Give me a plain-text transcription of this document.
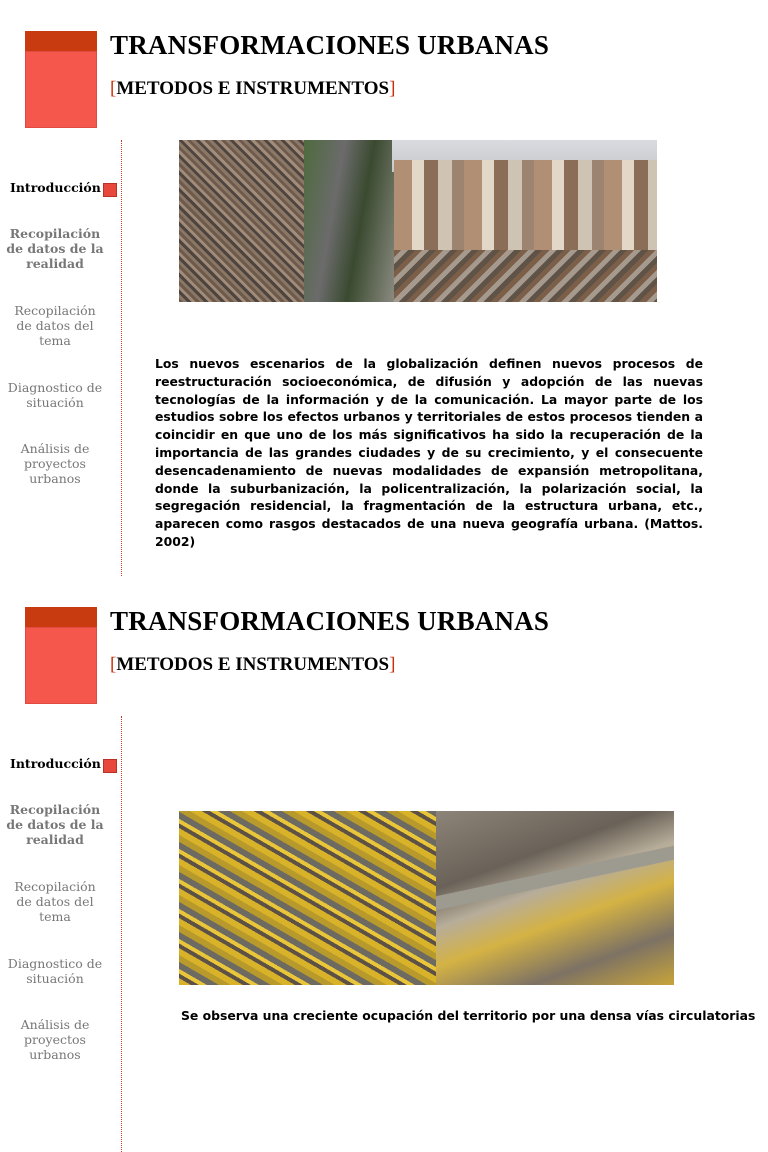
TRANSFORMACIONES URBANAS
[METODOS E INSTRUMENTOS]
Introducción
Recopilación de datos de la realidad
Recopilación de datos del tema
Diagnostico de situación
Análisis de proyectos urbanos

Los nuevos escenarios de la globalización definen nuevos procesos de reestructuración socioeconómica, de difusión y adopción de las nuevas tecnologías de la información y de la comunicación. La mayor parte de los estudios sobre los efectos urbanos y territoriales de estos procesos tienden a coincidir en que uno de los más significativos ha sido la recuperación de la importancia de las grandes ciudades y de su crecimiento, y el consecuente desencadenamiento de nuevas modalidades de expansión metropolitana, donde la suburbanización, la policentralización, la polarización social, la segregación residencial, la fragmentación de la estructura urbana, etc., aparecen como rasgos destacados de una nueva geografía urbana. (Mattos. 2002)

TRANSFORMACIONES URBANAS
[METODOS E INSTRUMENTOS]
Introducción
Recopilación de datos de la realidad
Recopilación de datos del tema
Diagnostico de situación
Análisis de proyectos urbanos

Se observa una creciente ocupación del territorio por una densa vías circulatorias
